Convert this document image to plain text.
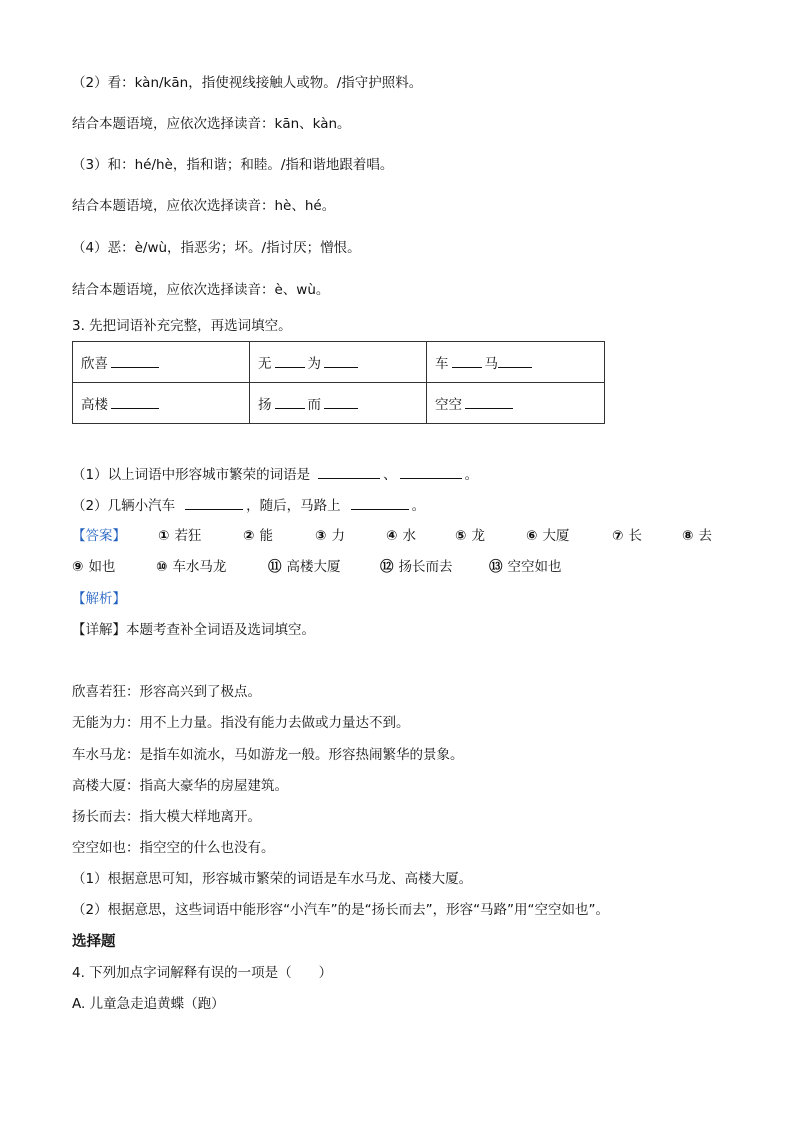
（2）看：kàn/kān，指使视线接触人或物。/指守护照料。
结合本题语境，应依次选择读音：kān、kàn。
（3）和：hé/hè，指和谐；和睦。/指和谐地跟着唱。
结合本题语境，应依次选择读音：hè、hé。
（4）恶：è/wù，指恶劣；坏。/指讨厌；憎恨。
结合本题语境，应依次选择读音：è、wù。
3. 先把词语补充完整，再选词填空。
欣喜	无 为	车 马
高楼	扬 而	空空
（1）以上词语中形容城市繁荣的词语是	、	。
（2）几辆小汽车	，随后，马路上	。
【答案】 ① 若狂	② 能	③ 力	④ 水	⑤ 龙	⑥ 大厦	⑦ 长	⑧ 去
⑨ 如也	⑩ 车水马龙	⑪ 高楼大厦	⑫ 扬长而去	⑬ 空空如也
【解析】
【详解】本题考查补全词语及选词填空。
欣喜若狂：形容高兴到了极点。
无能为力：用不上力量。指没有能力去做或力量达不到。
车水马龙：是指车如流水，马如游龙一般。形容热闹繁华的景象。
高楼大厦：指高大豪华的房屋建筑。
扬长而去：指大模大样地离开。
空空如也：指空空的什么也没有。
（1）根据意思可知，形容城市繁荣的词语是车水马龙、高楼大厦。
（2）根据意思，这些词语中能形容“小汽车”的是“扬长而去”，形容“马路”用“空空如也”。
选择题
4. 下列加点字词解释有误的一项是（　　）
A. 儿童急走追黄蝶（跑）
